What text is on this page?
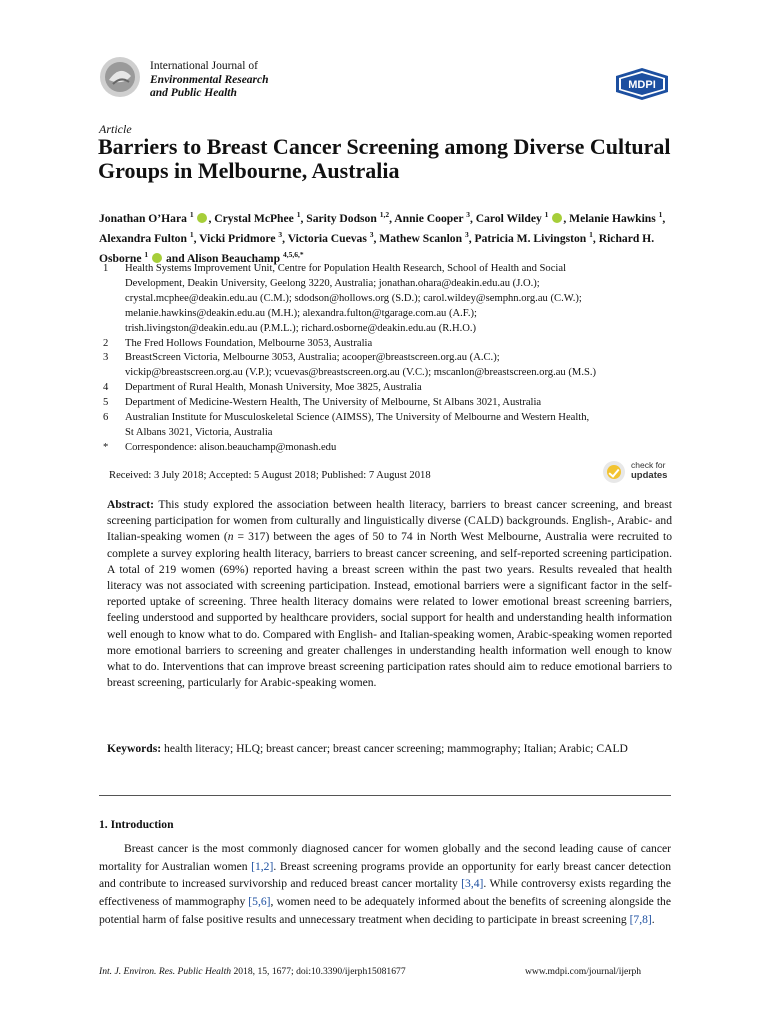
International Journal of
Environmental Research
and Public Health
MDPI
Article
Barriers to Breast Cancer Screening among Diverse Cultural Groups in Melbourne, Australia
Jonathan O’Hara $^1$ , Crystal McPhee $^1$, Sarity Dodson $^{1,2}$, Annie Cooper $^3$, Carol Wildey $^1$ , Melanie Hawkins $^1$, Alexandra Fulton $^1$, Vicki Pridmore $^3$, Victoria Cuevas $^3$, Mathew Scanlon $^3$, Patricia M. Livingston $^1$, Richard H. Osborne $^1$  and Alison Beauchamp $^{4,5,6,*}$
1	Health Systems Improvement Unit, Centre for Population Health Research, School of Health and Social
Development, Deakin University, Geelong 3220, Australia; jonathan.ohara@deakin.edu.au (J.O.);
crystal.mcphee@deakin.edu.au (C.M.); sdodson@hollows.org (S.D.); carol.wildey@semphn.org.au (C.W.);
melanie.hawkins@deakin.edu.au (M.H.); alexandra.fulton@tgarage.com.au (A.F.);
trish.livingston@deakin.edu.au (P.M.L.); richard.osborne@deakin.edu.au (R.H.O.)
2	The Fred Hollows Foundation, Melbourne 3053, Australia
3	BreastScreen Victoria, Melbourne 3053, Australia; acooper@breastscreen.org.au (A.C.);
vickip@breastscreen.org.au (V.P.); vcuevas@breastscreen.org.au (V.C.); mscanlon@breastscreen.org.au (M.S.)
4	Department of Rural Health, Monash University, Moe 3825, Australia
5	Department of Medicine-Western Health, The University of Melbourne, St Albans 3021, Australia
6	Australian Institute for Musculoskeletal Science (AIMSS), The University of Melbourne and Western Health,
St Albans 3021, Victoria, Australia
*	Correspondence: alison.beauchamp@monash.edu
Received: 3 July 2018; Accepted: 5 August 2018; Published: 7 August 2018
check for
updates
Abstract: This study explored the association between health literacy, barriers to breast cancer screening, and breast screening participation for women from culturally and linguistically diverse (CALD) backgrounds. English-, Arabic- and Italian-speaking women (n = 317) between the ages of 50 to 74 in North West Melbourne, Australia were recruited to complete a survey exploring health literacy, barriers to breast cancer screening, and self-reported screening participation. A total of 219 women (69%) reported having a breast screen within the past two years. Results revealed that health literacy was not associated with screening participation. Instead, emotional barriers were a significant factor in the self-reported uptake of screening. Three health literacy domains were related to lower emotional breast screening barriers, feeling understood and supported by healthcare providers, social support for health and understanding health information well enough to know what to do. Compared with English- and Italian-speaking women, Arabic-speaking women reported more emotional barriers to screening and greater challenges in understanding health information well enough to know what to do. Interventions that can improve breast screening participation rates should aim to reduce emotional barriers to breast screening, particularly for Arabic-speaking women.
Keywords: health literacy; HLQ; breast cancer; breast cancer screening; mammography; Italian; Arabic; CALD
1. Introduction
Breast cancer is the most commonly diagnosed cancer for women globally and the second leading cause of cancer mortality for Australian women [1,2]. Breast screening programs provide an opportunity for early breast cancer detection and contribute to increased survivorship and reduced breast cancer mortality [3,4]. While controversy exists regarding the effectiveness of mammography [5,6], women need to be adequately informed about the benefits of screening alongside the potential harm of false positive results and unnecessary treatment when deciding to participate in breast screening [7,8].
Int. J. Environ. Res. Public Health 2018, 15, 1677; doi:10.3390/ijerph15081677	www.mdpi.com/journal/ijerph
